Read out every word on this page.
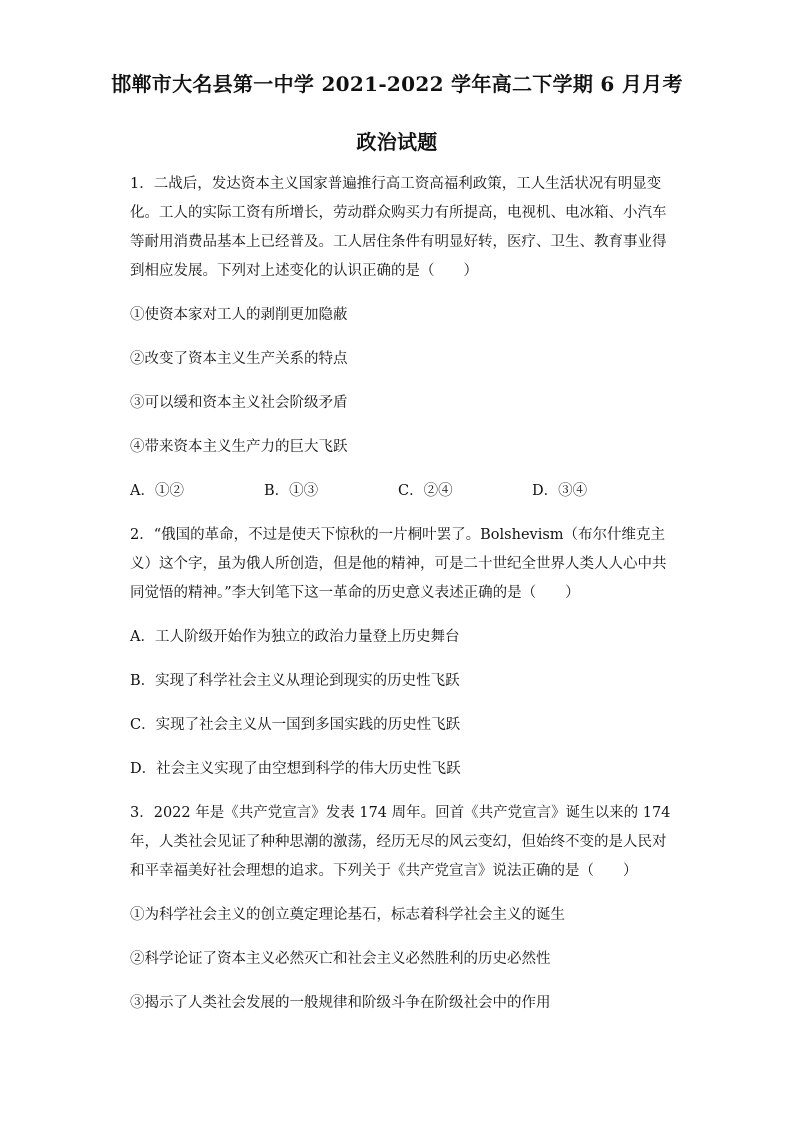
邯郸市大名县第一中学 2021-2022 学年高二下学期 6 月月考
政治试题

1．二战后，发达资本主义国家普遍推行高工资高福利政策，工人生活状况有明显变
化。工人的实际工资有所增长，劳动群众购买力有所提高，电视机、电冰箱、小汽车
等耐用消费品基本上已经普及。工人居住条件有明显好转，医疗、卫生、教育事业得
到相应发展。下列对上述变化的认识正确的是（　　）

①使资本家对工人的剥削更加隐蔽

②改变了资本主义生产关系的特点

③可以缓和资本主义社会阶级矛盾

④带来资本主义生产力的巨大飞跃

A．①②	B．①③	C．②④	D．③④

2．“俄国的革命，不过是使天下惊秋的一片桐叶罢了。Bolshevism（布尔什维克主
义）这个字，虽为俄人所创造，但是他的精神，可是二十世纪全世界人类人人心中共
同觉悟的精神。”李大钊笔下这一革命的历史意义表述正确的是（　　）

A．工人阶级开始作为独立的政治力量登上历史舞台

B．实现了科学社会主义从理论到现实的历史性飞跃

C．实现了社会主义从一国到多国实践的历史性飞跃

D．社会主义实现了由空想到科学的伟大历史性飞跃

3．2022 年是《共产党宣言》发表 174 周年。回首《共产党宣言》诞生以来的 174
年，人类社会见证了种种思潮的激荡，经历无尽的风云变幻，但始终不变的是人民对
和平幸福美好社会理想的追求。下列关于《共产党宣言》说法正确的是（　　）

①为科学社会主义的创立奠定理论基石，标志着科学社会主义的诞生

②科学论证了资本主义必然灭亡和社会主义必然胜利的历史必然性

③揭示了人类社会发展的一般规律和阶级斗争在阶级社会中的作用
